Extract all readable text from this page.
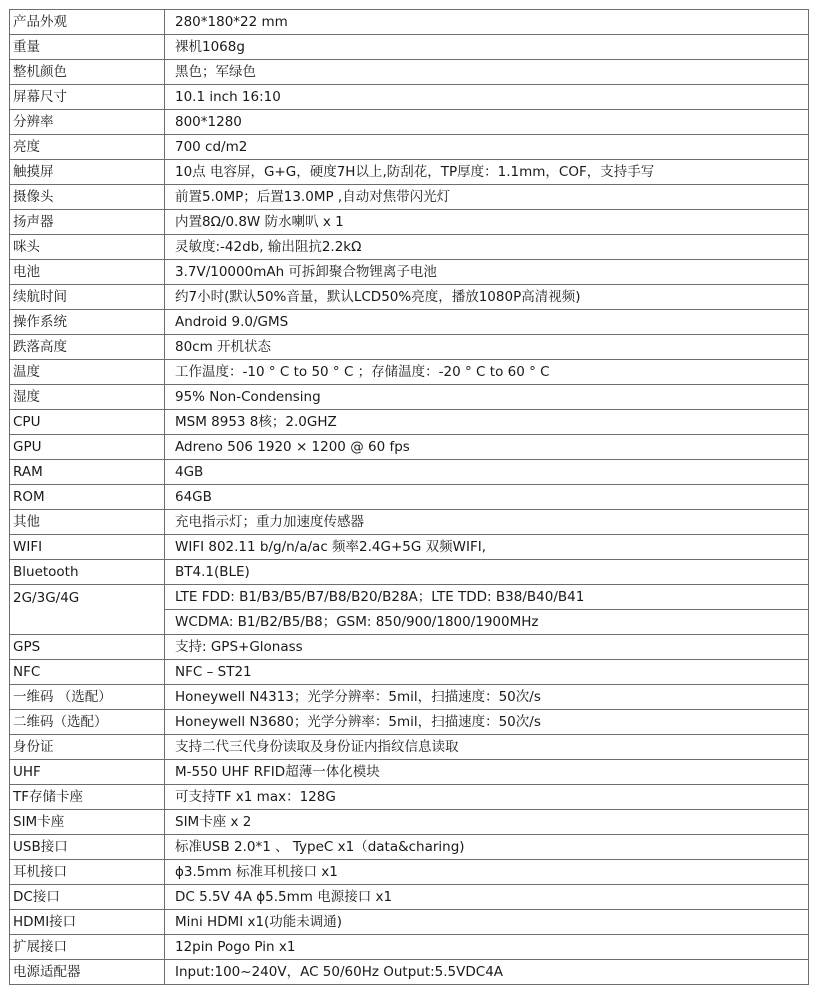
产品外观	280*180*22 mm
重量	裸机1068g
整机颜色	黑色；军绿色
屏幕尺寸	10.1 inch 16:10
分辨率	800*1280
亮度	700 cd/m2
触摸屏	10点 电容屏，G+G，硬度7H以上,防刮花，TP厚度：1.1mm，COF，支持手写
摄像头	前置5.0MP；后置13.0MP ,自动对焦带闪光灯
扬声器	内置8Ω/0.8W 防水喇叭 x 1
咪头	灵敏度:-42db, 输出阻抗2.2kΩ
电池	3.7V/10000mAh 可拆卸聚合物锂离子电池
续航时间	约7小时(默认50%音量，默认LCD50%亮度，播放1080P高清视频)
操作系统	Android 9.0/GMS
跌落高度	80cm 开机状态
温度	工作温度：-10 ° C to 50 ° C ；存储温度：-20 ° C to 60 ° C
湿度	95% Non-Condensing
CPU	MSM 8953 8核；2.0GHZ
GPU	Adreno 506 1920 × 1200 @ 60 fps
RAM	4GB
ROM	64GB
其他	充电指示灯；重力加速度传感器
WIFI	WIFI 802.11 b/g/n/a/ac 频率2.4G+5G 双频WIFI,
Bluetooth	BT4.1(BLE)
2G/3G/4G	LTE FDD: B1/B3/B5/B7/B8/B20/B28A；LTE TDD: B38/B40/B41
	WCDMA: B1/B2/B5/B8；GSM: 850/900/1800/1900MHz
GPS	支持: GPS+Glonass
NFC	NFC – ST21
一维码 （选配）	Honeywell N4313；光学分辨率：5mil，扫描速度：50次/s
二维码（选配）	Honeywell N3680；光学分辨率：5mil，扫描速度：50次/s
身份证	支持二代三代身份读取及身份证内指纹信息读取
UHF	M-550 UHF RFID超薄一体化模块
TF存储卡座	可支持TF x1 max：128G
SIM卡座	SIM卡座 x 2
USB接口	标准USB 2.0*1 、 TypeC x1（data&charing)
耳机接口	ɸ3.5mm 标准耳机接口 x1
DC接口	DC 5.5V 4A ɸ5.5mm 电源接口 x1
HDMI接口	Mini HDMI x1(功能未调通)
扩展接口	12pin Pogo Pin x1
电源适配器	Input:100~240V，AC 50/60Hz Output:5.5VDC4A
